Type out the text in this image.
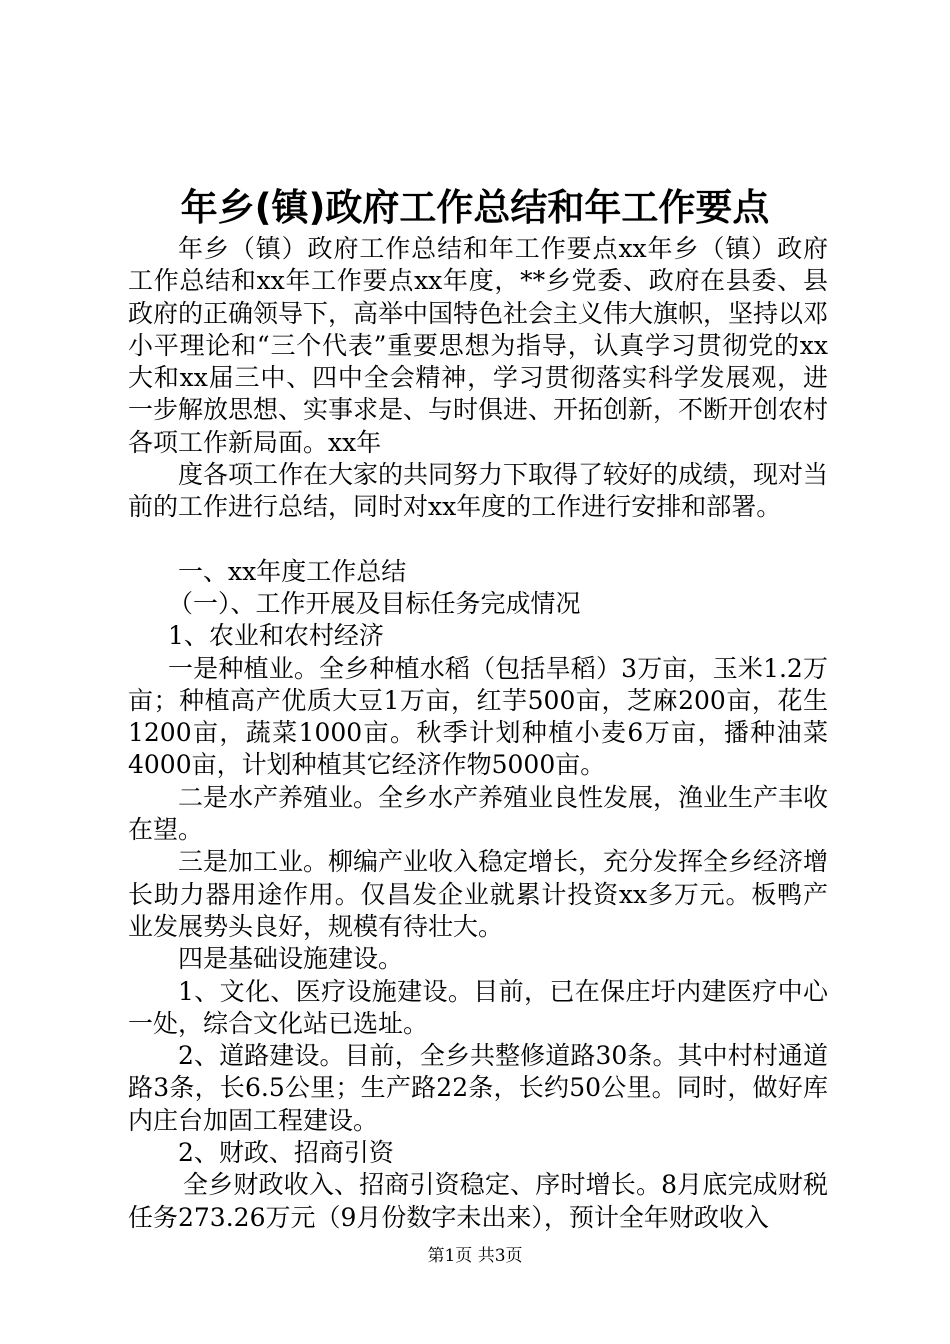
年乡(镇)政府工作总结和年工作要点

年乡（镇）政府工作总结和年工作要点xx年乡（镇）政府工作总结和xx年工作要点xx年度，**乡党委、政府在县委、县政府的正确领导下，高举中国特色社会主义伟大旗帜，坚持以邓小平理论和“三个代表”重要思想为指导，认真学习贯彻党的xx大和xx届三中、四中全会精神，学习贯彻落实科学发展观，进一步解放思想、实事求是、与时俱进、开拓创新，不断开创农村各项工作新局面。xx年

度各项工作在大家的共同努力下取得了较好的成绩，现对当前的工作进行总结，同时对xx年度的工作进行安排和部署。

一、xx年度工作总结

（一）、工作开展及目标任务完成情况

1、农业和农村经济

一是种植业。全乡种植水稻（包括旱稻）3万亩，玉米1.2万亩；种植高产优质大豆1万亩，红芋500亩，芝麻200亩，花生1200亩，蔬菜1000亩。秋季计划种植小麦6万亩，播种油菜4000亩，计划种植其它经济作物5000亩。

二是水产养殖业。全乡水产养殖业良性发展，渔业生产丰收在望。

三是加工业。柳编产业收入稳定增长，充分发挥全乡经济增长助力器用途作用。仅昌发企业就累计投资xx多万元。板鸭产业发展势头良好，规模有待壮大。

四是基础设施建设。

1、文化、医疗设施建设。目前，已在保庄圩内建医疗中心一处，综合文化站已选址。

2、道路建设。目前，全乡共整修道路30条。其中村村通道路3条，长6.5公里；生产路22条，长约50公里。同时，做好库内庄台加固工程建设。

2、财政、招商引资

全乡财政收入、招商引资稳定、序时增长。8月底完成财税任务273.26万元（9月份数字未出来），预计全年财政收入

第1页 共3页
